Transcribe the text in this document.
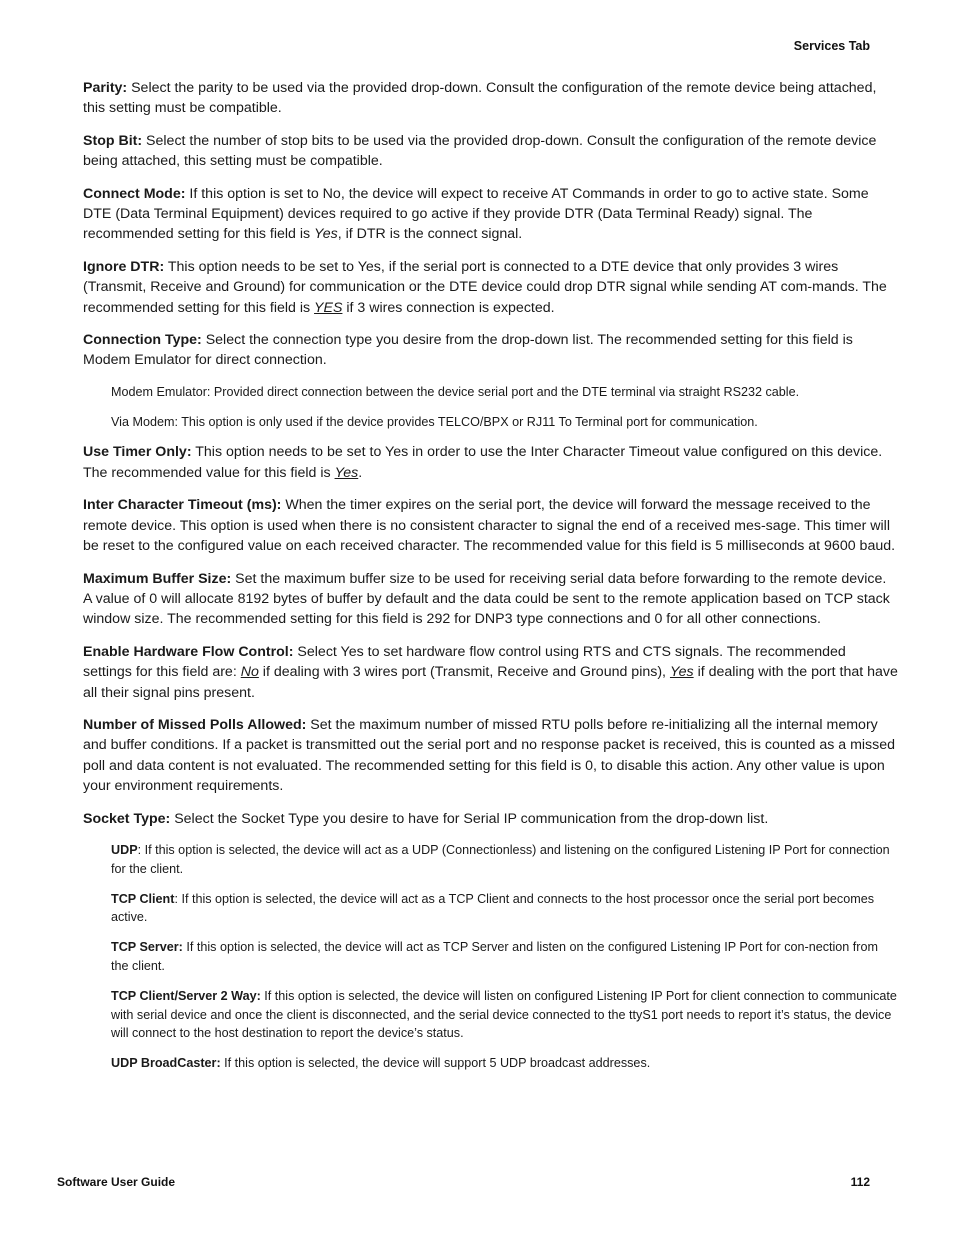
Services Tab

Parity: Select the parity to be used via the provided drop-down. Consult the configuration of the remote device being attached, this setting must be compatible.

Stop Bit: Select the number of stop bits to be used via the provided drop-down. Consult the configuration of the remote device being attached, this setting must be compatible.

Connect Mode: If this option is set to No, the device will expect to receive AT Commands in order to go to active state. Some DTE (Data Terminal Equipment) devices required to go active if they provide DTR (Data Terminal Ready) signal. The recommended setting for this field is Yes, if DTR is the connect signal.

Ignore DTR: This option needs to be set to Yes, if the serial port is connected to a DTE device that only provides 3 wires (Transmit, Receive and Ground) for communication or the DTE device could drop DTR signal while sending AT com-mands. The recommended setting for this field is YES if 3 wires connection is expected.

Connection Type: Select the connection type you desire from the drop-down list. The recommended setting for this field is Modem Emulator for direct connection.

Modem Emulator: Provided direct connection between the device serial port and the DTE terminal via straight RS232 cable.

Via Modem: This option is only used if the device provides TELCO/BPX or RJ11 To Terminal port for communication.

Use Timer Only: This option needs to be set to Yes in order to use the Inter Character Timeout value configured on this device. The recommended value for this field is Yes.

Inter Character Timeout (ms): When the timer expires on the serial port, the device will forward the message received to the remote device. This option is used when there is no consistent character to signal the end of a received mes-sage. This timer will be reset to the configured value on each received character. The recommended value for this field is 5 milliseconds at 9600 baud.

Maximum Buffer Size: Set the maximum buffer size to be used for receiving serial data before forwarding to the remote device. A value of 0 will allocate 8192 bytes of buffer by default and the data could be sent to the remote application based on TCP stack window size. The recommended setting for this field is 292 for DNP3 type connections and 0 for all other connections.

Enable Hardware Flow Control: Select Yes to set hardware flow control using RTS and CTS signals. The recommended settings for this field are: No if dealing with 3 wires port (Transmit, Receive and Ground pins), Yes if dealing with the port that have all their signal pins present.

Number of Missed Polls Allowed: Set the maximum number of missed RTU polls before re-initializing all the internal memory and buffer conditions. If a packet is transmitted out the serial port and no response packet is received, this is counted as a missed poll and data content is not evaluated. The recommended setting for this field is 0, to disable this action. Any other value is upon your environment requirements.

Socket Type: Select the Socket Type you desire to have for Serial IP communication from the drop-down list.

UDP: If this option is selected, the device will act as a UDP (Connectionless) and listening on the configured Listening IP Port for connection for the client.

TCP Client: If this option is selected, the device will act as a TCP Client and connects to the host processor once the serial port becomes active.

TCP Server: If this option is selected, the device will act as TCP Server and listen on the configured Listening IP Port for con-nection from the client.

TCP Client/Server 2 Way: If this option is selected, the device will listen on configured Listening IP Port for client connection to communicate with serial device and once the client is disconnected, and the serial device connected to the ttyS1 port needs to report it’s status, the device will connect to the host destination to report the device’s status.

UDP BroadCaster: If this option is selected, the device will support 5 UDP broadcast addresses.

Software User Guide	112
